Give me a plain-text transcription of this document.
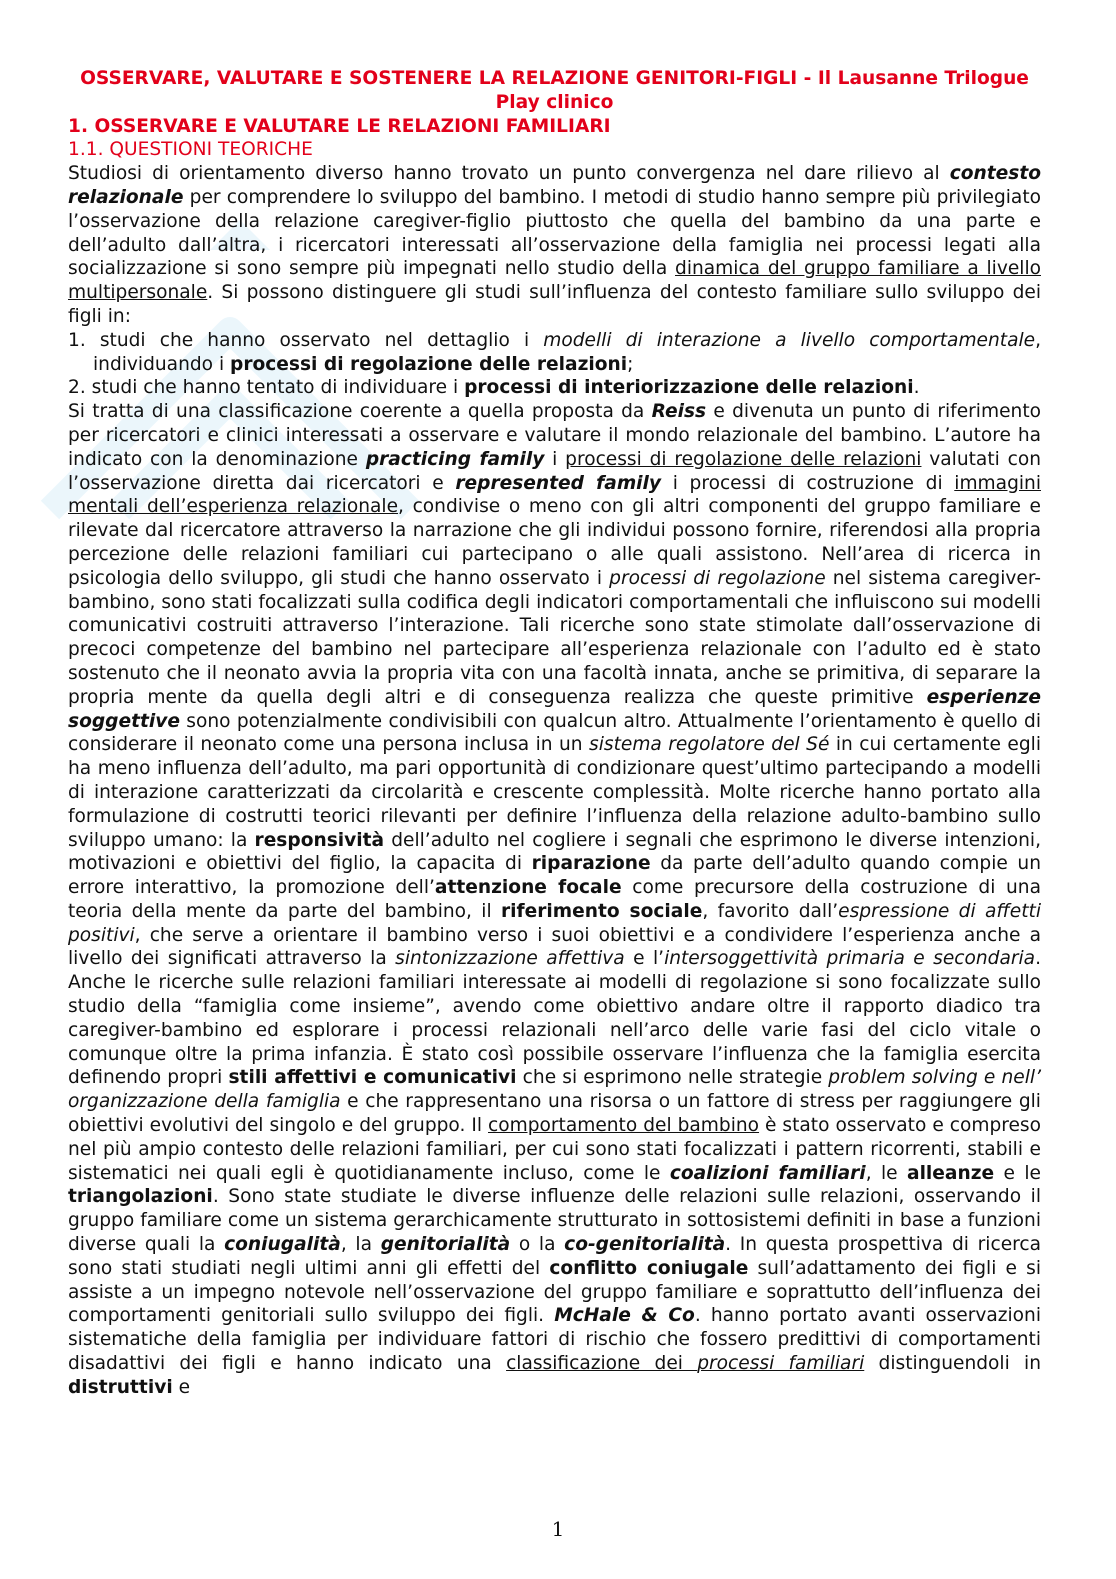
OSSERVARE, VALUTARE E SOSTENERE LA RELAZIONE GENITORI-FIGLI - Il Lausanne Trilogue Play clinico
1. OSSERVARE E VALUTARE LE RELAZIONI FAMILIARI
1.1. QUESTIONI TEORICHE

Studiosi di orientamento diverso hanno trovato un punto convergenza nel dare rilievo al contesto relazionale per comprendere lo sviluppo del bambino. I metodi di studio hanno sempre più privilegiato l’osservazione della relazione caregiver-figlio piuttosto che quella del bambino da una parte e dell’adulto dall’altra, i ricercatori interessati all’osservazione della famiglia nei processi legati alla socializzazione si sono sempre più impegnati nello studio della dinamica del gruppo familiare a livello multipersonale. Si possono distinguere gli studi sull’influenza del contesto familiare sullo sviluppo dei figli in:

1. studi che hanno osservato nel dettaglio i modelli di interazione a livello comportamentale, individuando i processi di regolazione delle relazioni;
2. studi che hanno tentato di individuare i processi di interiorizzazione delle relazioni.

Si tratta di una classificazione coerente a quella proposta da Reiss e divenuta un punto di riferimento per ricercatori e clinici interessati a osservare e valutare il mondo relazionale del bambino. L’autore ha indicato con la denominazione practicing family i processi di regolazione delle relazioni valutati con l’osservazione diretta dai ricercatori e represented family i processi di costruzione di immagini mentali dell’esperienza relazionale, condivise o meno con gli altri componenti del gruppo familiare e rilevate dal ricercatore attraverso la narrazione che gli individui possono fornire, riferendosi alla propria percezione delle relazioni familiari cui partecipano o alle quali assistono. Nell’area di ricerca in psicologia dello sviluppo, gli studi che hanno osservato i processi di regolazione nel sistema caregiver-bambino, sono stati focalizzati sulla codifica degli indicatori comportamentali che influiscono sui modelli comunicativi costruiti attraverso l’interazione. Tali ricerche sono state stimolate dall’osservazione di precoci competenze del bambino nel partecipare all’esperienza relazionale con l’adulto ed è stato sostenuto che il neonato avvia la propria vita con una facoltà innata, anche se primitiva, di separare la propria mente da quella degli altri e di conseguenza realizza che queste primitive esperienze soggettive sono potenzialmente condivisibili con qualcun altro. Attualmente l’orientamento è quello di considerare il neonato come una persona inclusa in un sistema regolatore del Sé in cui certamente egli ha meno influenza dell’adulto, ma pari opportunità di condizionare quest’ultimo partecipando a modelli di interazione caratterizzati da circolarità e crescente complessità. Molte ricerche hanno portato alla formulazione di costrutti teorici rilevanti per definire l’influenza della relazione adulto-bambino sullo sviluppo umano: la responsività dell’adulto nel cogliere i segnali che esprimono le diverse intenzioni, motivazioni e obiettivi del figlio, la capacita di riparazione da parte dell’adulto quando compie un errore interattivo, la promozione dell’attenzione focale come precursore della costruzione di una teoria della mente da parte del bambino, il riferimento sociale, favorito dall’espressione di affetti positivi, che serve a orientare il bambino verso i suoi obiettivi e a condividere l’esperienza anche a livello dei significati attraverso la sintonizzazione affettiva e l’intersoggettività primaria e secondaria. Anche le ricerche sulle relazioni familiari interessate ai modelli di regolazione si sono focalizzate sullo studio della “famiglia come insieme”, avendo come obiettivo andare oltre il rapporto diadico tra caregiver-bambino ed esplorare i processi relazionali nell’arco delle varie fasi del ciclo vitale o comunque oltre la prima infanzia. È stato così possibile osservare l’influenza che la famiglia esercita definendo propri stili affettivi e comunicativi che si esprimono nelle strategie problem solving e nell’ organizzazione della famiglia e che rappresentano una risorsa o un fattore di stress per raggiungere gli obiettivi evolutivi del singolo e del gruppo. Il comportamento del bambino è stato osservato e compreso nel più ampio contesto delle relazioni familiari, per cui sono stati focalizzati i pattern ricorrenti, stabili e sistematici nei quali egli è quotidianamente incluso, come le coalizioni familiari, le alleanze e le triangolazioni. Sono state studiate le diverse influenze delle relazioni sulle relazioni, osservando il gruppo familiare come un sistema gerarchicamente strutturato in sottosistemi definiti in base a funzioni diverse quali la coniugalità, la genitorialità o la co-genitorialità. In questa prospettiva di ricerca sono stati studiati negli ultimi anni gli effetti del conflitto coniugale sull’adattamento dei figli e si assiste a un impegno notevole nell’osservazione del gruppo familiare e soprattutto dell’influenza dei comportamenti genitoriali sullo sviluppo dei figli. McHale & Co. hanno portato avanti osservazioni sistematiche della famiglia per individuare fattori di rischio che fossero predittivi di comportamenti disadattivi dei figli e hanno indicato una classificazione dei processi familiari distinguendoli in distruttivi e

1
